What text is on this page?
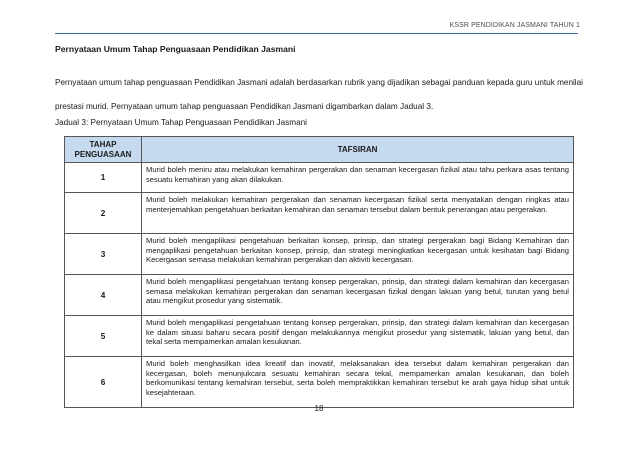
KSSR PENDIDIKAN JASMANI TAHUN 1
Pernyataan Umum Tahap Penguasaan Pendidikan Jasmani

Pernyataan umum tahap penguasaan Pendidikan Jasmani adalah berdasarkan rubrik yang dijadikan sebagai panduan kepada guru untuk menilai prestasi murid. Pernyataan umum tahap penguasaan Pendidikan Jasmani digambarkan dalam Jadual 3.

Jadual 3: Pernyataan Umum Tahap Penguasaan Pendidikan Jasmani
TAHAP PENGUASAAN	TAFSIRAN
1	Murid boleh meniru atau melakukan kemahiran pergerakan dan senaman kecergasan fizikal atau tahu perkara asas tentang sesuatu kemahiran yang akan dilakukan.
2	Murid boleh melakukan kemahiran pergerakan dan senaman kecergasan fizikal serta menyatakan dengan ringkas atau menterjemahkan pengetahuan berkaitan kemahiran dan senaman tersebut dalam bentuk penerangan atau pergerakan.
3	Murid boleh mengaplikasi pengetahuan berkaitan konsep, prinsip, dan strategi pergerakan bagi Bidang Kemahiran dan mengaplikasi pengetahuan berkaitan konsep, prinsip, dan strategi meningkatkan kecergasan untuk kesihatan bagi Bidang Kecergasan semasa melakukan kemahiran pergerakan dan aktiviti kecergasan.
4	Murid boleh mengaplikasi pengetahuan tentang konsep pergerakan, prinsip, dan strategi dalam kemahiran dan kecergasan semasa melakukan kemahiran pergerakan dan senaman kecergasan fizikal dengan lakuan yang betul, turutan yang betul atau mengikut prosedur yang sistematik.
5	Murid boleh mengaplikasi pengetahuan tentang konsep pergerakan, prinsip, dan strategi dalam kemahiran dan kecergasan ke dalam situasi baharu secara positif dengan melakukannya mengikut prosedur yang sistematik, lakuan yang betul, dan tekal serta mempamerkan amalan kesukanan.
6	Murid boleh menghasilkan idea kreatif dan inovatif, melaksanakan idea tersebut dalam kemahiran pergerakan dan kecergasan, boleh menunjukcara sesuatu kemahiran secara tekal, mempamerkan amalan kesukanan, dan boleh berkomunikasi tentang kemahiran tersebut, serta boleh mempraktikkan kemahiran tersebut ke arah gaya hidup sihat untuk kesejahteraan.
18
